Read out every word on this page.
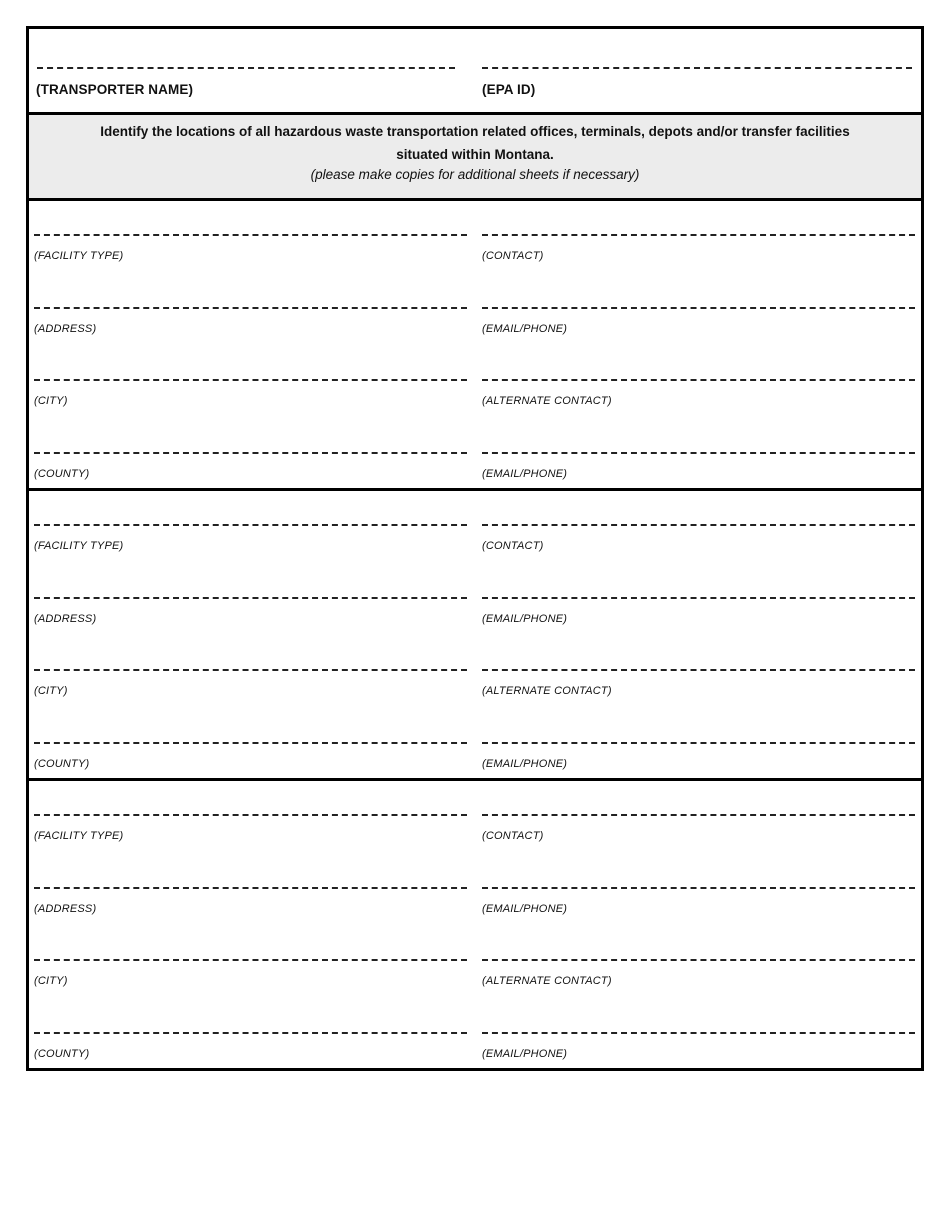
(TRANSPORTER NAME)	(EPA ID)
Identify the locations of all hazardous waste transportation related offices, terminals, depots and/or transfer facilities situated within Montana.
(please make copies for additional sheets if necessary)
(FACILITY TYPE)	(CONTACT)
(ADDRESS)	(EMAIL/PHONE)
(CITY)	(ALTERNATE CONTACT)
(COUNTY)	(EMAIL/PHONE)
(FACILITY TYPE)	(CONTACT)
(ADDRESS)	(EMAIL/PHONE)
(CITY)	(ALTERNATE CONTACT)
(COUNTY)	(EMAIL/PHONE)
(FACILITY TYPE)	(CONTACT)
(ADDRESS)	(EMAIL/PHONE)
(CITY)	(ALTERNATE CONTACT)
(COUNTY)	(EMAIL/PHONE)
